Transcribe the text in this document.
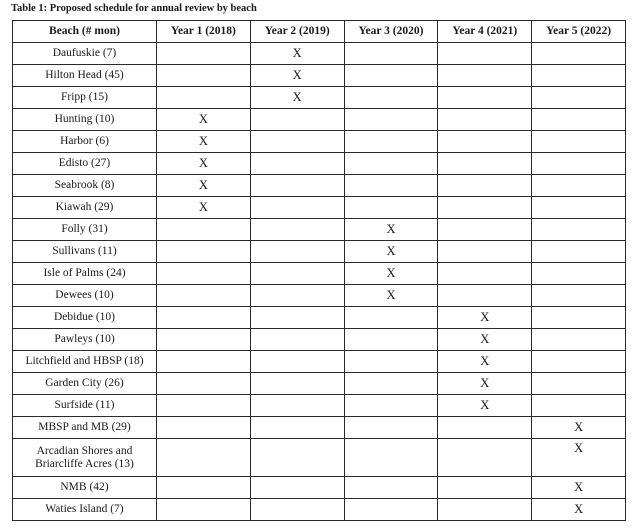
Table 1: Proposed schedule for annual review by beach
Beach (# mon)	Year 1 (2018)	Year 2 (2019)	Year 3 (2020)	Year 4 (2021)	Year 5 (2022)
Daufuskie (7)		X			
Hilton Head (45)		X			
Fripp (15)		X			
Hunting (10)	X				
Harbor (6)	X				
Edisto (27)	X				
Seabrook (8)	X				
Kiawah (29)	X				
Folly (31)			X		
Sullivans (11)			X		
Isle of Palms (24)			X		
Dewees (10)			X		
Debidue (10)				X	
Pawleys (10)				X	
Litchfield and HBSP (18)				X	
Garden City (26)				X	
Surfside (11)				X	
MBSP and MB (29)					X
Arcadian Shores and
Briarcliffe Acres (13)					X
NMB (42)					X
Waties Island (7)					X
